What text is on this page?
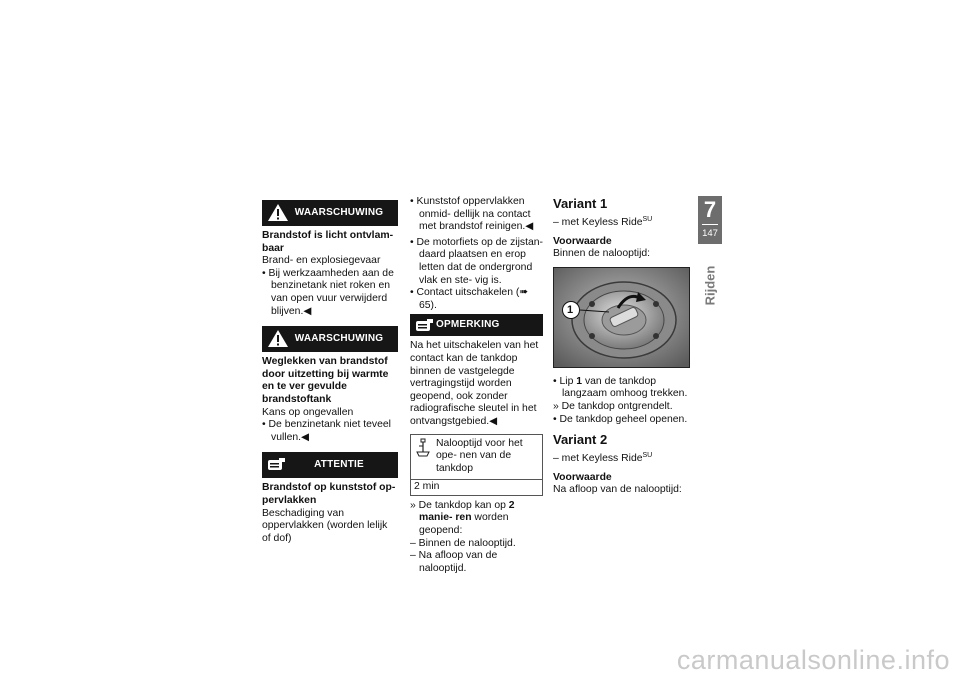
WAARSCHUWING

Brandstof is licht ontvlam- baar

Brand- en explosiegevaar

• Bij werkzaamheden aan de benzinetank niet roken en van open vuur verwijderd blijven.◀

WAARSCHUWING

Weglekken van brandstof door uitzetting bij warmte en te ver gevulde brandstoftank

Kans op ongevallen

• De benzinetank niet teveel vullen.◀

ATTENTIE

Brandstof op kunststof op- pervlakken

Beschadiging van oppervlakken (worden lelijk of dof)

• Kunststof oppervlakken onmid- dellijk na contact met brandstof reinigen.◀

• De motorfiets op de zijstan- daard plaatsen en erop letten dat de ondergrond vlak en ste- vig is.

• Contact uitschakelen (➠ 65).

OPMERKING

Na het uitschakelen van het contact kan de tankdop binnen de vastgelegde vertragingstijd worden geopend, ook zonder radiografische sleutel in het ontvangstgebied.◀

Nalooptijd voor het ope- nen van de tankdop
2 min

» De tankdop kan op 2 manie- ren worden geopend:

– Binnen de nalooptijd.

– Na afloop van de nalooptijd.

Variant 1

– met Keyless Ride$^{SU}$

Voorwaarde

Binnen de nalooptijd:

1

• Lip 1 van de tankdop langzaam omhoog trekken.

» De tankdop ontgrendelt.

• De tankdop geheel openen.

Variant 2

– met Keyless Ride$^{SU}$

Voorwaarde

Na afloop van de nalooptijd:

7
147
Rijden
carmanualsonline.info
